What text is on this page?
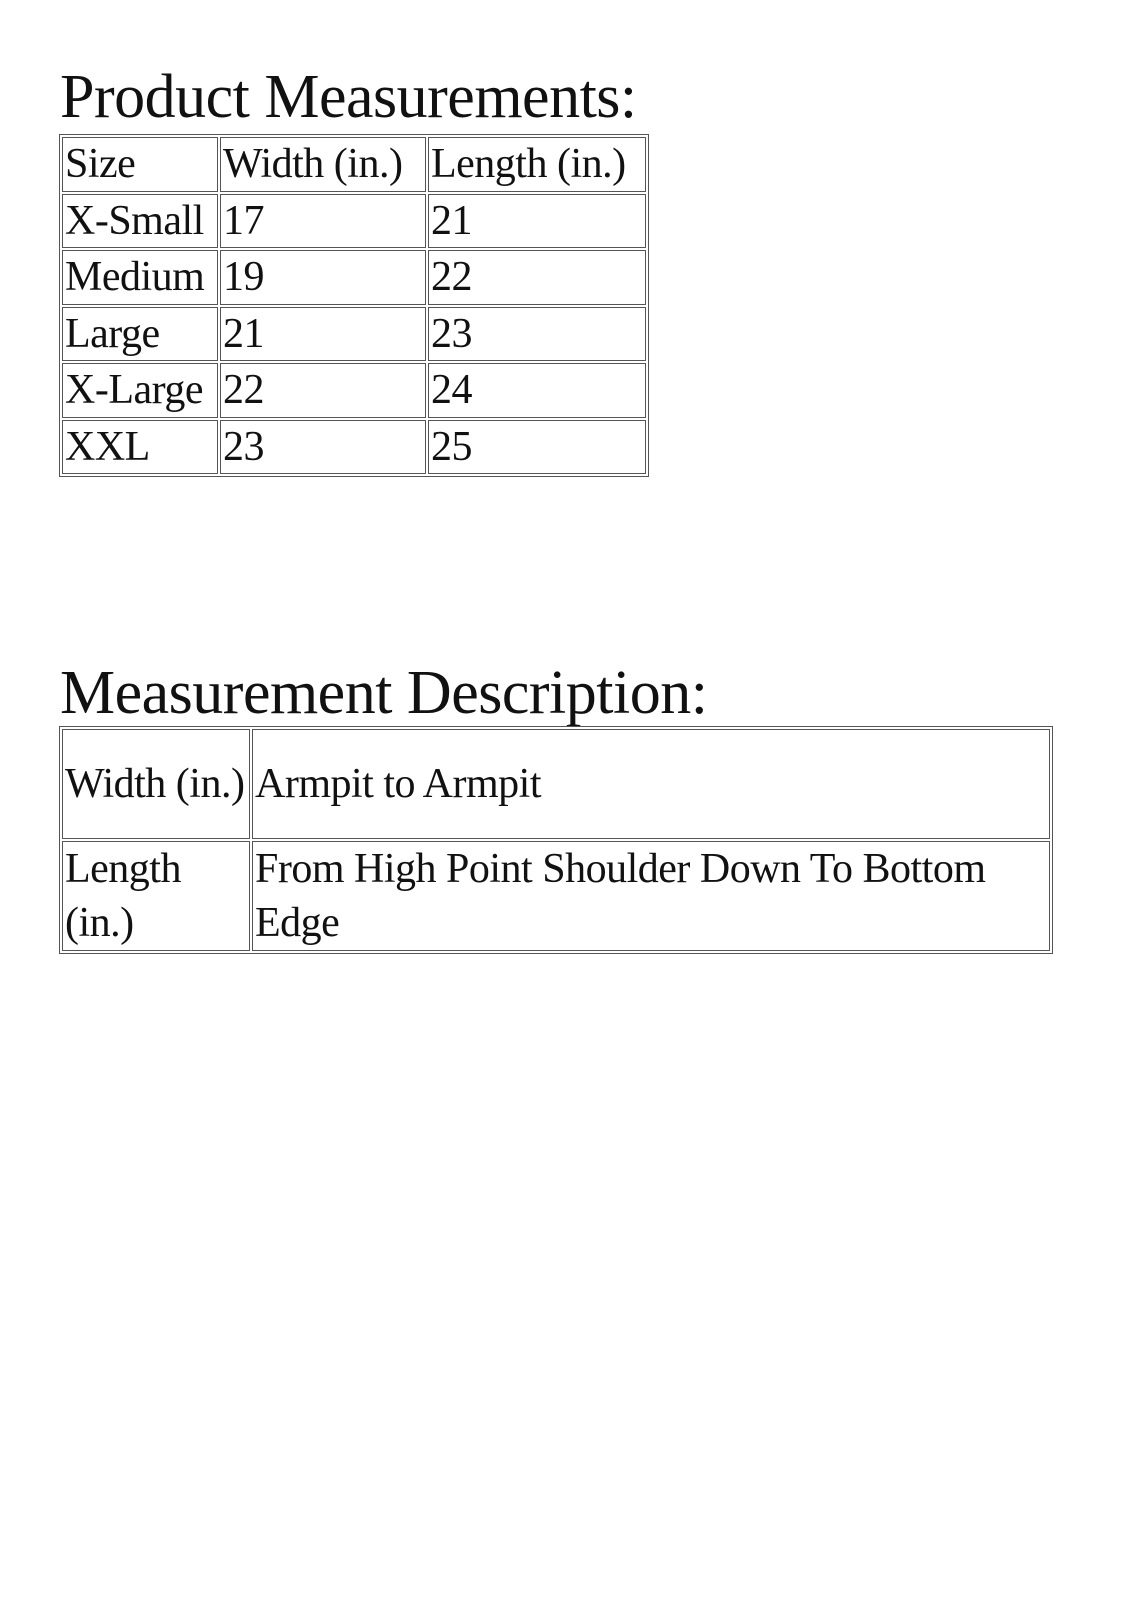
Product Measurements:
Size	Width (in.)	Length (in.)
X-Small	17	21
Medium	19	22
Large	21	23
X-Large	22	24
XXL	23	25
Measurement Description:
Width (in.)	Armpit to Armpit
Length (in.)	From High Point Shoulder Down To Bottom Edge
